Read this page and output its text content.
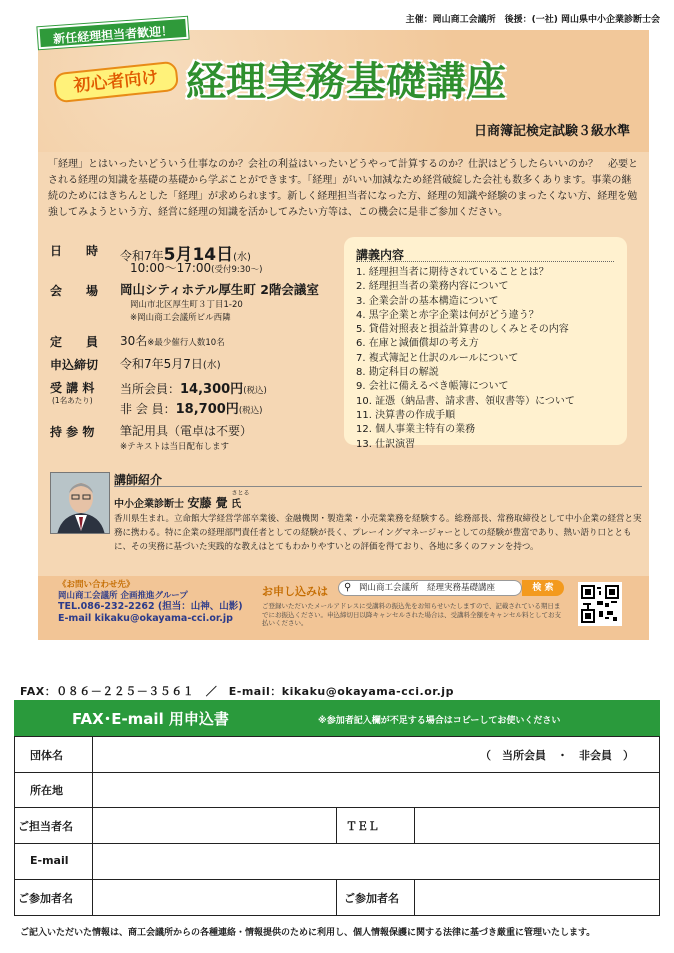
主催：岡山商工会議所　後援：(一社) 岡山県中小企業診断士会
新任経理担当者歓迎！
初心者向け 経理実務基礎講座
日商簿記検定試験３級水準
「経理」とはいったいどういう仕事なのか？会社の利益はいったいどうやって計算するのか？仕訳はどうしたらいいのか？　必要とされる経理の知識を基礎の基礎から学ぶことができます。「経理」がいい加減なため経営破綻した会社も数多くあります。事業の継続のためにはきちんとした「経理」が求められます。新しく経理担当者になった方、経理の知識や経験のまったくない方、経理を勉強してみようという方、経営に経理の知識を活かしてみたい方等は、この機会に是非ご参加ください。
日　　時 令和7年5月14日(水)
10:00～17:00(受付9:30～)
会　　場 岡山シティホテル厚生町 2階会議室
岡山市北区厚生町３丁目1-20
※岡山商工会議所ビル西隣
定　　員 30名※最少催行人数10名
申込締切 令和7年5月7日(水)
受 講 料
(1名あたり)
当所会員：14,300円(税込)
非 会 員：18,700円(税込)
持 参 物 筆記用具（電卓は不要）
※テキストは当日配布します
講義内容
1. 経理担当者に期待されていることとは？
2. 経理担当者の業務内容について
3. 企業会計の基本構造について
4. 黒字企業と赤字企業は何がどう違う？
5. 貸借対照表と損益計算書のしくみとその内容
6. 在庫と減価償却の考え方
7. 複式簿記と仕訳のルールについて
8. 勘定科目の解説
9. 会社に備えるべき帳簿について
10. 証憑（納品書、請求書、領収書等）について
11. 決算書の作成手順
12. 個人事業主特有の業務
13. 仕訳演習
講師紹介
中小企業診断士 安藤 覺
さとる
氏
香川県生まれ。立命館大学経営学部卒業後、金融機関・製造業・小売業業務を経験する。総務部長、常務取締役として中小企業の経営と実務に携わる。特に企業の経理部門責任者としての経験が長く、プレーイングマネージャーとしての経験が豊富であり、熱い語り口とともに、その実務に基づいた実践的な教えはとてもわかりやすいとの評価を得ており、各地に多くのファンを持つ。
《お問い合わせ先》
岡山商工会議所 企画推進グループ
TEL.086-232-2262 (担当：山神、山影)
E-mail kikaku@okayama-cci.or.jp
お申し込みは ⚲ 岡山商工会議所　経理実務基礎講座	検 索
ご登録いただいたメールアドレスに受講料の振込先をお知らせいたしますので、記載されている期日までにお振込ください。申込締切日以降キャンセルされた場合は、受講料全額をキャンセル料としてお支払いください。
FAX：０８６－２２５－３５６１　／　E-mail：kikaku@okayama-cci.or.jp
FAX･E-mail 用申込書	※参加者記入欄が不足する場合はコピーしてお使いください
団体名	（　当所会員　・　非会員　）
所在地
ご担当者名	ＴＥＬ
E-mail
ご参加者名	ご参加者名
ご記入いただいた情報は、商工会議所からの各種連絡・情報提供のために利用し、個人情報保護に関する法律に基づき厳重に管理いたします。
